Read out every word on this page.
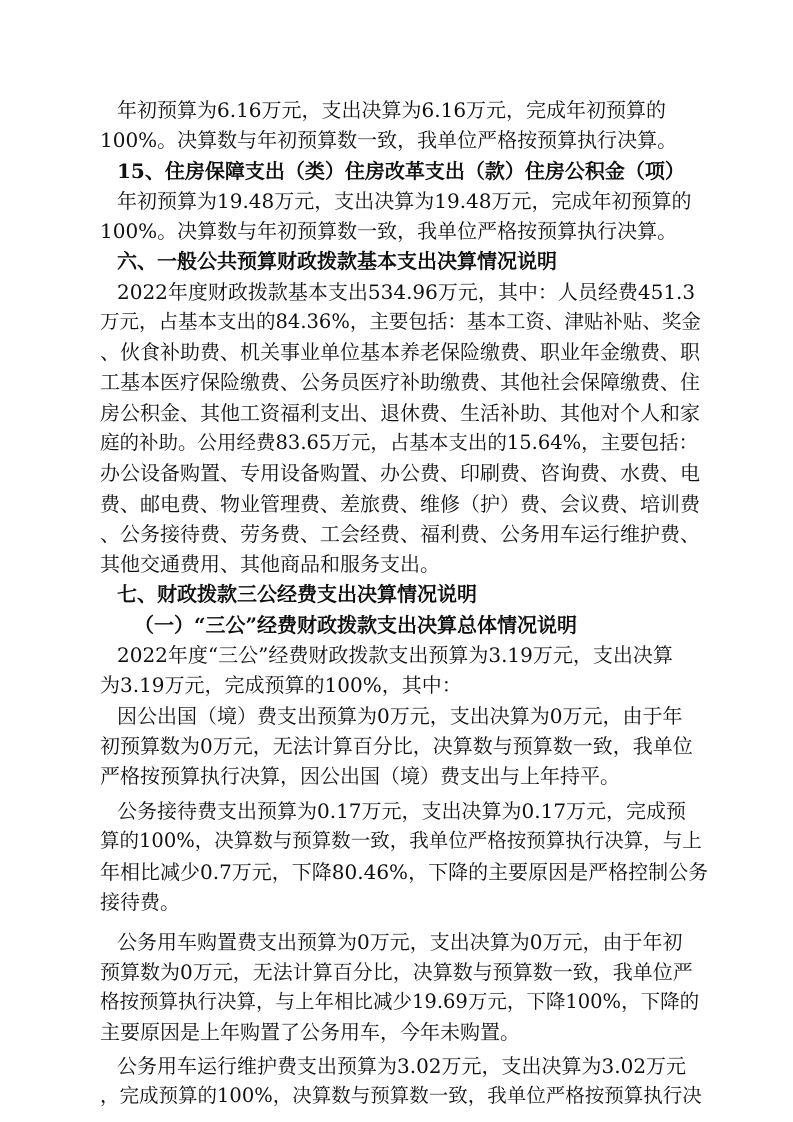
年初预算为6.16万元，支出决算为6.16万元，完成年初预算的
100%。决算数与年初预算数一致，我单位严格按预算执行决算。
15、住房保障支出（类）住房改革支出（款）住房公积金（项）
年初预算为19.48万元，支出决算为19.48万元，完成年初预算的
100%。决算数与年初预算数一致，我单位严格按预算执行决算。
六、一般公共预算财政拨款基本支出决算情况说明
2022年度财政拨款基本支出534.96万元，其中：人员经费451.3
万元，占基本支出的84.36%，主要包括：基本工资、津贴补贴、奖金
、伙食补助费、机关事业单位基本养老保险缴费、职业年金缴费、职
工基本医疗保险缴费、公务员医疗补助缴费、其他社会保障缴费、住
房公积金、其他工资福利支出、退休费、生活补助、其他对个人和家
庭的补助。公用经费83.65万元，占基本支出的15.64%，主要包括：
办公设备购置、专用设备购置、办公费、印刷费、咨询费、水费、电
费、邮电费、物业管理费、差旅费、维修（护）费、会议费、培训费
、公务接待费、劳务费、工会经费、福利费、公务用车运行维护费、
其他交通费用、其他商品和服务支出。
七、财政拨款三公经费支出决算情况说明
（一）“三公”经费财政拨款支出决算总体情况说明
2022年度“三公”经费财政拨款支出预算为3.19万元，支出决算
为3.19万元，完成预算的100%，其中：
因公出国（境）费支出预算为0万元，支出决算为0万元，由于年
初预算数为0万元，无法计算百分比，决算数与预算数一致，我单位
严格按预算执行决算，因公出国（境）费支出与上年持平。
公务接待费支出预算为0.17万元，支出决算为0.17万元，完成预
算的100%，决算数与预算数一致，我单位严格按预算执行决算，与上
年相比减少0.7万元，下降80.46%，下降的主要原因是严格控制公务
接待费。
公务用车购置费支出预算为0万元，支出决算为0万元，由于年初
预算数为0万元，无法计算百分比，决算数与预算数一致，我单位严
格按预算执行决算，与上年相比减少19.69万元，下降100%，下降的
主要原因是上年购置了公务用车，今年未购置。
公务用车运行维护费支出预算为3.02万元，支出决算为3.02万元
，完成预算的100%，决算数与预算数一致，我单位严格按预算执行决
